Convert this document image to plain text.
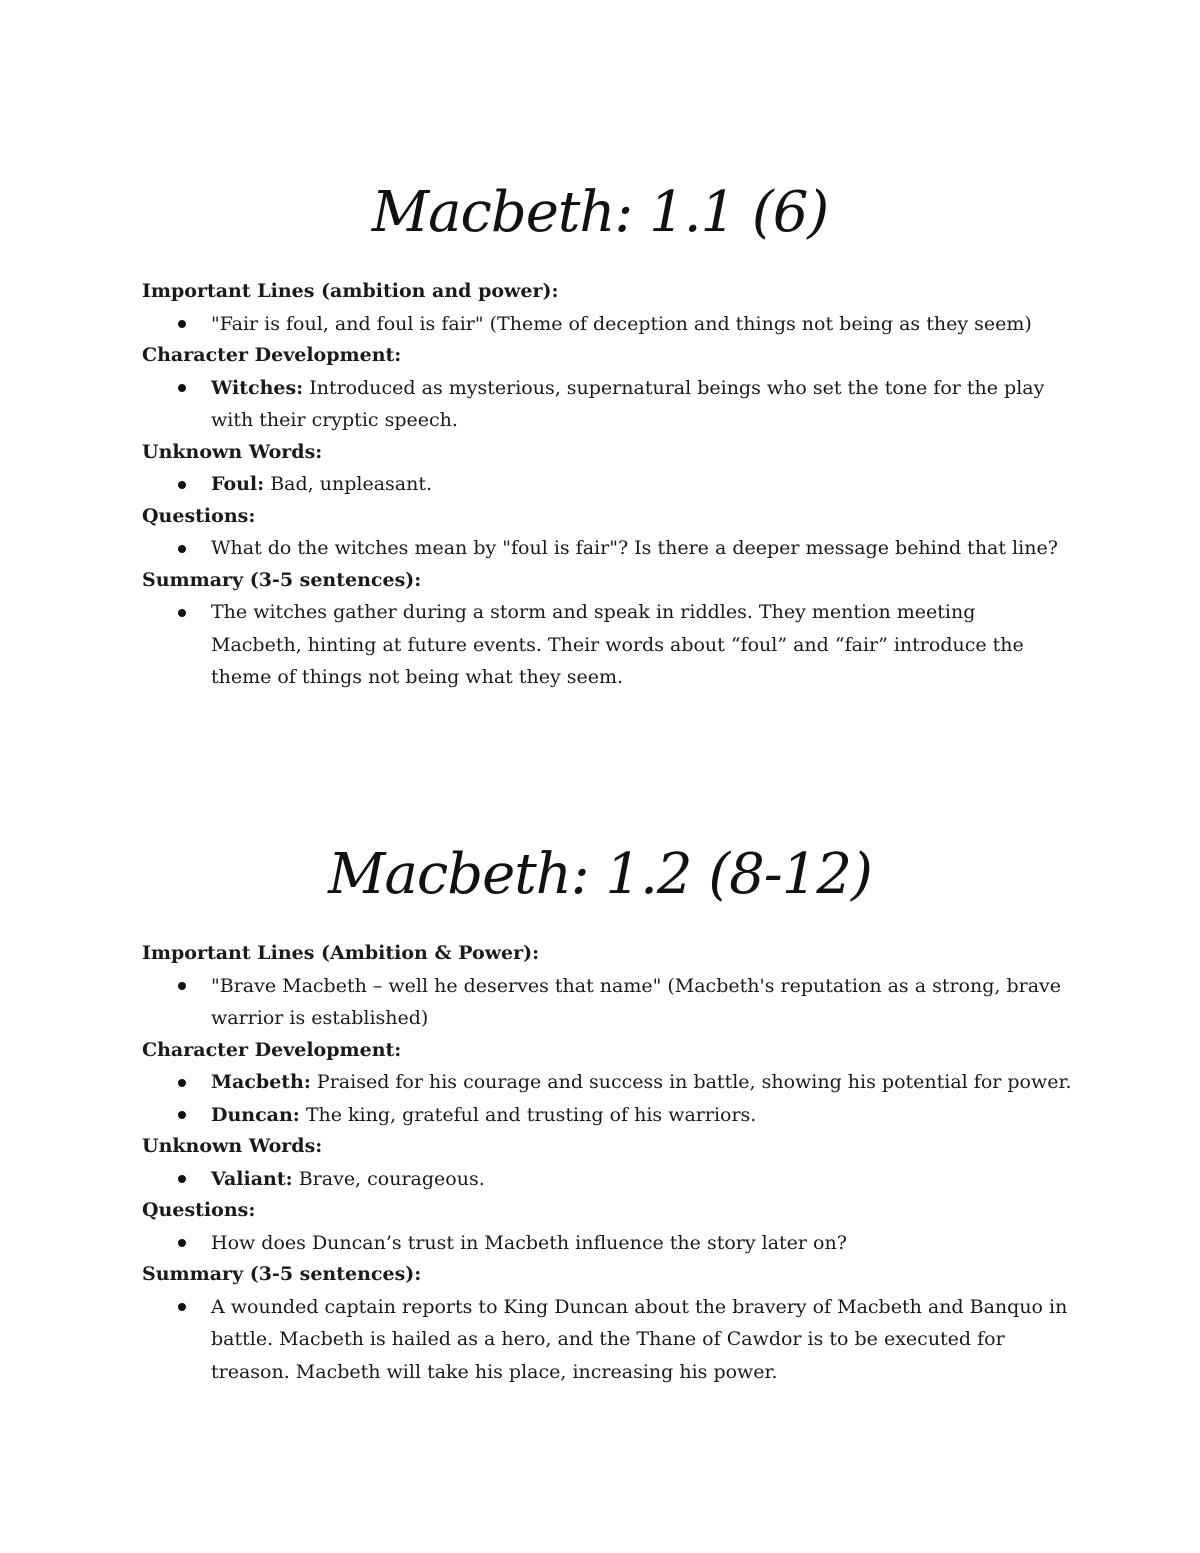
Macbeth: 1.1 (6)

Important Lines (ambition and power):

"Fair is foul, and foul is fair" (Theme of deception and things not being as they seem)

Character Development:

Witches: Introduced as mysterious, supernatural beings who set the tone for the play with their cryptic speech.

Unknown Words:

Foul: Bad, unpleasant.

Questions:

What do the witches mean by "foul is fair"? Is there a deeper message behind that line?

Summary (3-5 sentences):

The witches gather during a storm and speak in riddles. They mention meeting Macbeth, hinting at future events. Their words about “foul” and “fair” introduce the theme of things not being what they seem.
Macbeth: 1.2 (8-12)

Important Lines (Ambition & Power):

"Brave Macbeth – well he deserves that name" (Macbeth's reputation as a strong, brave warrior is established)

Character Development:

Macbeth: Praised for his courage and success in battle, showing his potential for power.
Duncan: The king, grateful and trusting of his warriors.

Unknown Words:

Valiant: Brave, courageous.

Questions:

How does Duncan’s trust in Macbeth influence the story later on?

Summary (3-5 sentences):

A wounded captain reports to King Duncan about the bravery of Macbeth and Banquo in battle. Macbeth is hailed as a hero, and the Thane of Cawdor is to be executed for treason. Macbeth will take his place, increasing his power.
